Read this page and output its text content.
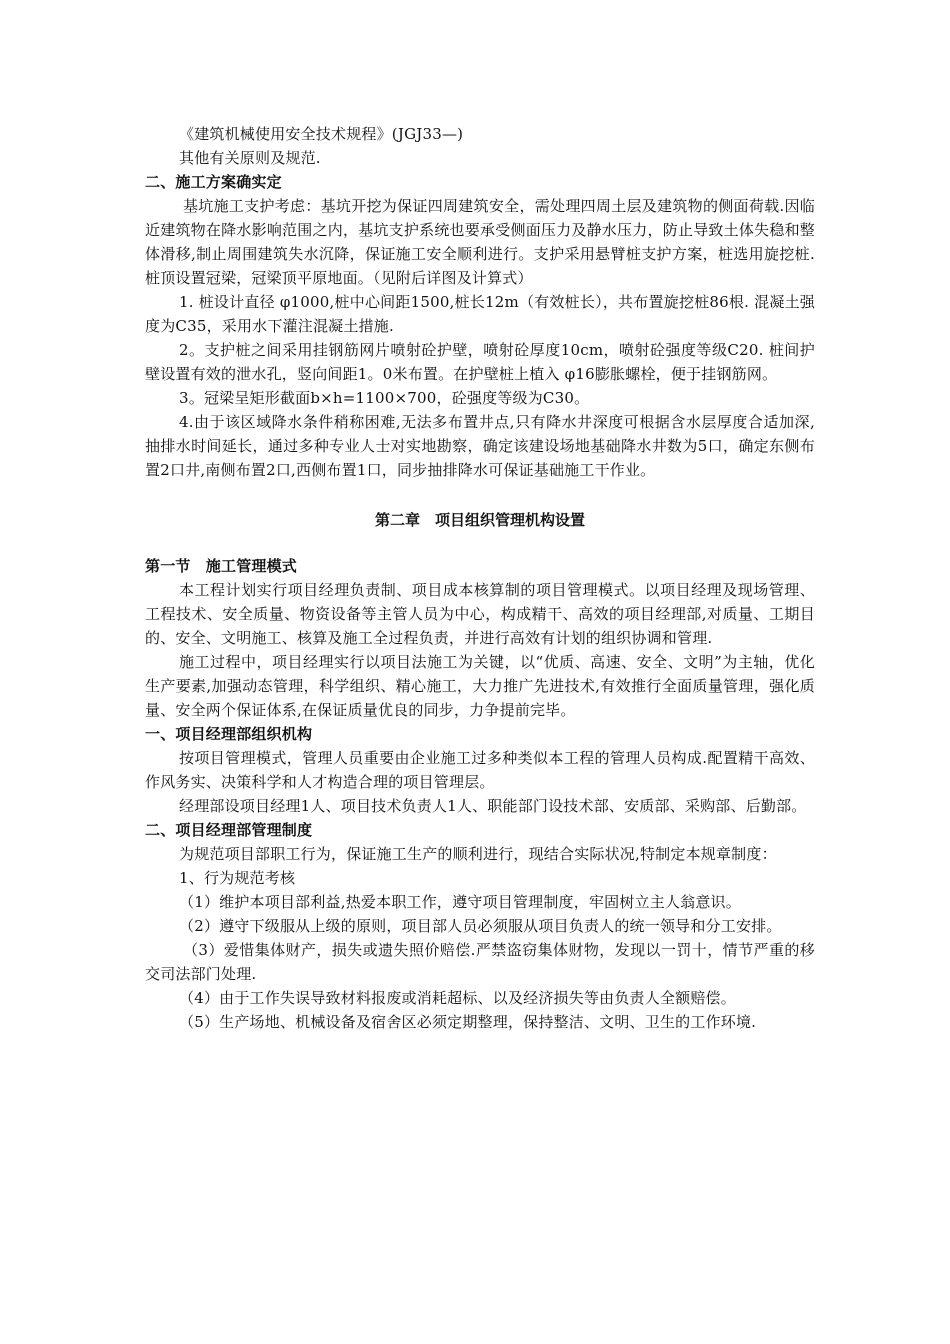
《建筑机械使用安全技术规程》(JGJ33—)

其他有关原则及规范.

二、施工方案确实定

基坑施工支护考虑：基坑开挖为保证四周建筑安全，需处理四周土层及建筑物的侧面荷载.因临近建筑物在降水影响范围之内，基坑支护系统也要承受侧面压力及静水压力，防止导致土体失稳和整体滑移,制止周围建筑失水沉降，保证施工安全顺利进行。支护采用悬臂桩支护方案，桩选用旋挖桩. 桩顶设置冠梁，冠梁顶平原地面。（见附后详图及计算式）

1. 桩设计直径 φ1000,桩中心间距1500,桩长12m（有效桩长），共布置旋挖桩86根. 混凝土强度为C35，采用水下灌注混凝土措施.

2。支护桩之间采用挂钢筋网片喷射砼护壁，喷射砼厚度10cm，喷射砼强度等级C20. 桩间护壁设置有效的泄水孔，竖向间距1。0米布置。在护壁桩上植入 φ16膨胀螺栓，便于挂钢筋网。

3。冠梁呈矩形截面b×h=1100×700，砼强度等级为C30。

4.由于该区域降水条件稍称困难,无法多布置井点,只有降水井深度可根据含水层厚度合适加深,抽排水时间延长，通过多种专业人士对实地勘察，确定该建设场地基础降水井数为5口，确定东侧布置2口井,南侧布置2口,西侧布置1口，同步抽排降水可保证基础施工干作业。

第二章　项目组织管理机构设置

第一节　施工管理模式

本工程计划实行项目经理负责制、项目成本核算制的项目管理模式。以项目经理及现场管理、工程技术、安全质量、物资设备等主管人员为中心，构成精干、高效的项目经理部,对质量、工期目的、安全、文明施工、核算及施工全过程负责，并进行高效有计划的组织协调和管理.

施工过程中，项目经理实行以项目法施工为关键，以“优质、高速、安全、文明”为主轴，优化生产要素,加强动态管理，科学组织、精心施工，大力推广先进技术,有效推行全面质量管理，强化质量、安全两个保证体系,在保证质量优良的同步，力争提前完毕。

一、项目经理部组织机构

按项目管理模式，管理人员重要由企业施工过多种类似本工程的管理人员构成.配置精干高效、作风务实、决策科学和人才构造合理的项目管理层。

经理部设项目经理1人、项目技术负责人1人、职能部门设技术部、安质部、采购部、后勤部。

二、项目经理部管理制度

为规范项目部职工行为，保证施工生产的顺利进行，现结合实际状况,特制定本规章制度：

1、行为规范考核

（1）维护本项目部利益,热爱本职工作，遵守项目管理制度，牢固树立主人翁意识。

（2）遵守下级服从上级的原则，项目部人员必须服从项目负责人的统一领导和分工安排。

（3）爱惜集体财产，损失或遗失照价赔偿.严禁盗窃集体财物，发现以一罚十，情节严重的移交司法部门处理.

（4）由于工作失误导致材料报废或消耗超标、以及经济损失等由负责人全额赔偿。

（5）生产场地、机械设备及宿舍区必须定期整理，保持整洁、文明、卫生的工作环境.
